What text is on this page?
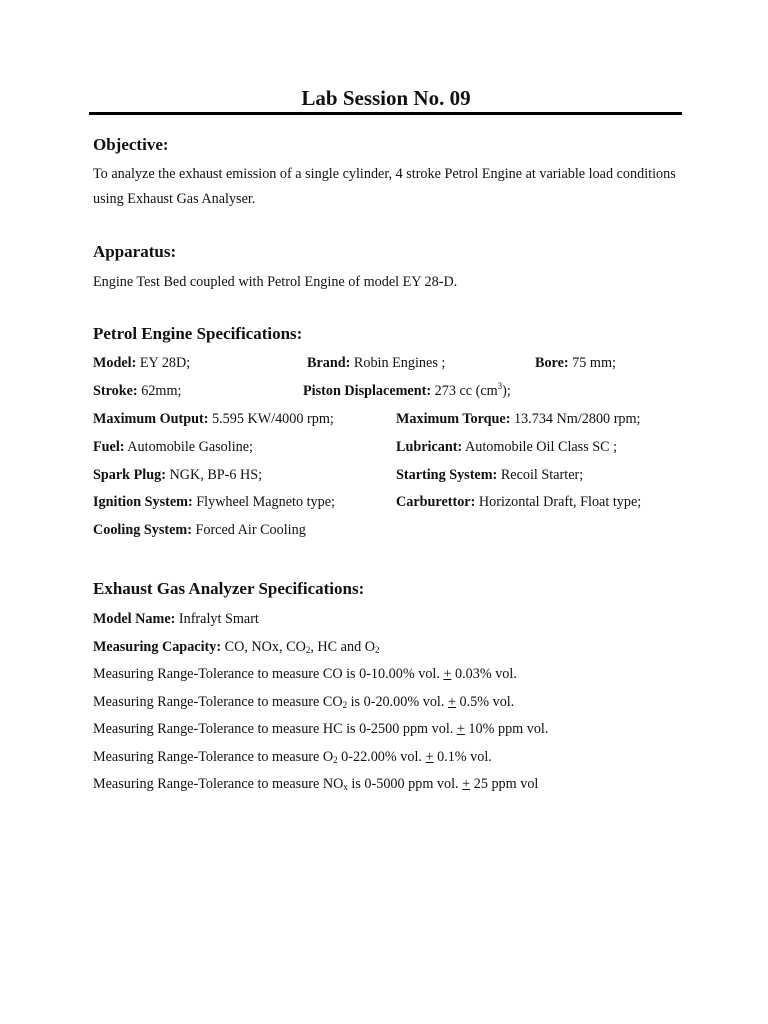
Lab Session No. 09
Objective:
To analyze the exhaust emission of a single cylinder, 4 stroke Petrol Engine at variable load conditions using Exhaust Gas Analyser.
Apparatus:
Engine Test Bed coupled with Petrol Engine of model EY 28-D.
Petrol Engine Specifications:
Model: EY 28D;	Brand: Robin Engines ;	Bore: 75 mm;
Stroke: 62mm;	Piston Displacement: 273 cc $(cm^3)$;
Maximum Output: 5.595 KW/4000 rpm;	Maximum Torque: 13.734 Nm/2800 rpm;
Fuel: Automobile Gasoline;	Lubricant: Automobile Oil Class SC ;
Spark Plug: NGK, BP-6 HS;	Starting System: Recoil Starter;
Ignition System: Flywheel Magneto type;	Carburettor: Horizontal Draft, Float type;
Cooling System: Forced Air Cooling
Exhaust Gas Analyzer Specifications:
Model Name: Infralyt Smart
Measuring Capacity: CO, NOx, $CO_2$, HC and $O_2$
Measuring Range-Tolerance to measure CO is 0-10.00% vol. + 0.03% vol.
Measuring Range-Tolerance to measure $CO_2$ is 0-20.00% vol. + 0.5% vol.
Measuring Range-Tolerance to measure HC is 0-2500 ppm vol. + 10% ppm vol.
Measuring Range-Tolerance to measure $O_2$ 0-22.00% vol. + 0.1% vol.
Measuring Range-Tolerance to measure $NO_x$ is 0-5000 ppm vol. + 25 ppm vol
